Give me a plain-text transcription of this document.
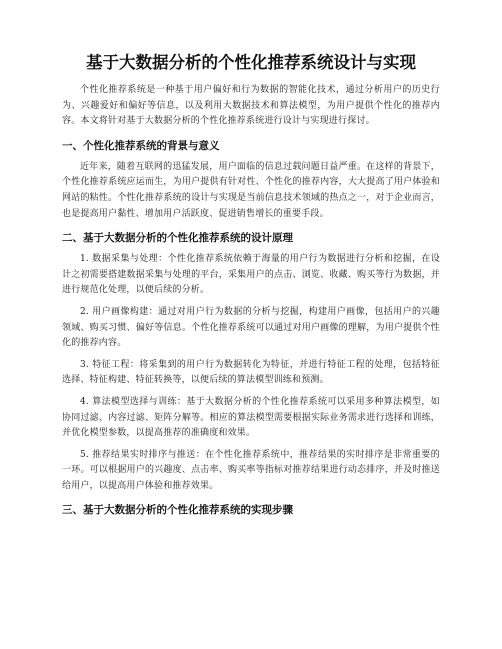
基于大数据分析的个性化推荐系统设计与实现

个性化推荐系统是一种基于用户偏好和行为数据的智能化技术，通过分析用户的历史行为、兴趣爱好和偏好等信息，以及利用大数据技术和算法模型，为用户提供个性化的推荐内容。本文将针对基于大数据分析的个性化推荐系统进行设计与实现进行探讨。

一、个性化推荐系统的背景与意义

近年来，随着互联网的迅猛发展，用户面临的信息过载问题日益严重。在这样的背景下，个性化推荐系统应运而生，为用户提供有针对性、个性化的推荐内容，大大提高了用户体验和网站的粘性。个性化推荐系统的设计与实现是当前信息技术领域的热点之一，对于企业而言，也是提高用户黏性、增加用户活跃度、促进销售增长的重要手段。

二、基于大数据分析的个性化推荐系统的设计原理

1. 数据采集与处理：个性化推荐系统依赖于海量的用户行为数据进行分析和挖掘，在设计之初需要搭建数据采集与处理的平台，采集用户的点击、浏览、收藏、购买等行为数据，并进行规范化处理，以便后续的分析。

2. 用户画像构建：通过对用户行为数据的分析与挖掘，构建用户画像，包括用户的兴趣领域、购买习惯、偏好等信息。个性化推荐系统可以通过对用户画像的理解，为用户提供个性化的推荐内容。

3. 特征工程：将采集到的用户行为数据转化为特征，并进行特征工程的处理，包括特征选择、特征构建、特征转换等，以便后续的算法模型训练和预测。

4. 算法模型选择与训练：基于大数据分析的个性化推荐系统可以采用多种算法模型，如协同过滤、内容过滤、矩阵分解等。相应的算法模型需要根据实际业务需求进行选择和训练，并优化模型参数，以提高推荐的准确度和效果。

5. 推荐结果实时排序与推送：在个性化推荐系统中，推荐结果的实时排序是非常重要的一环。可以根据用户的兴趣度、点击率、购买率等指标对推荐结果进行动态排序，并及时推送给用户，以提高用户体验和推荐效果。

三、基于大数据分析的个性化推荐系统的实现步骤
